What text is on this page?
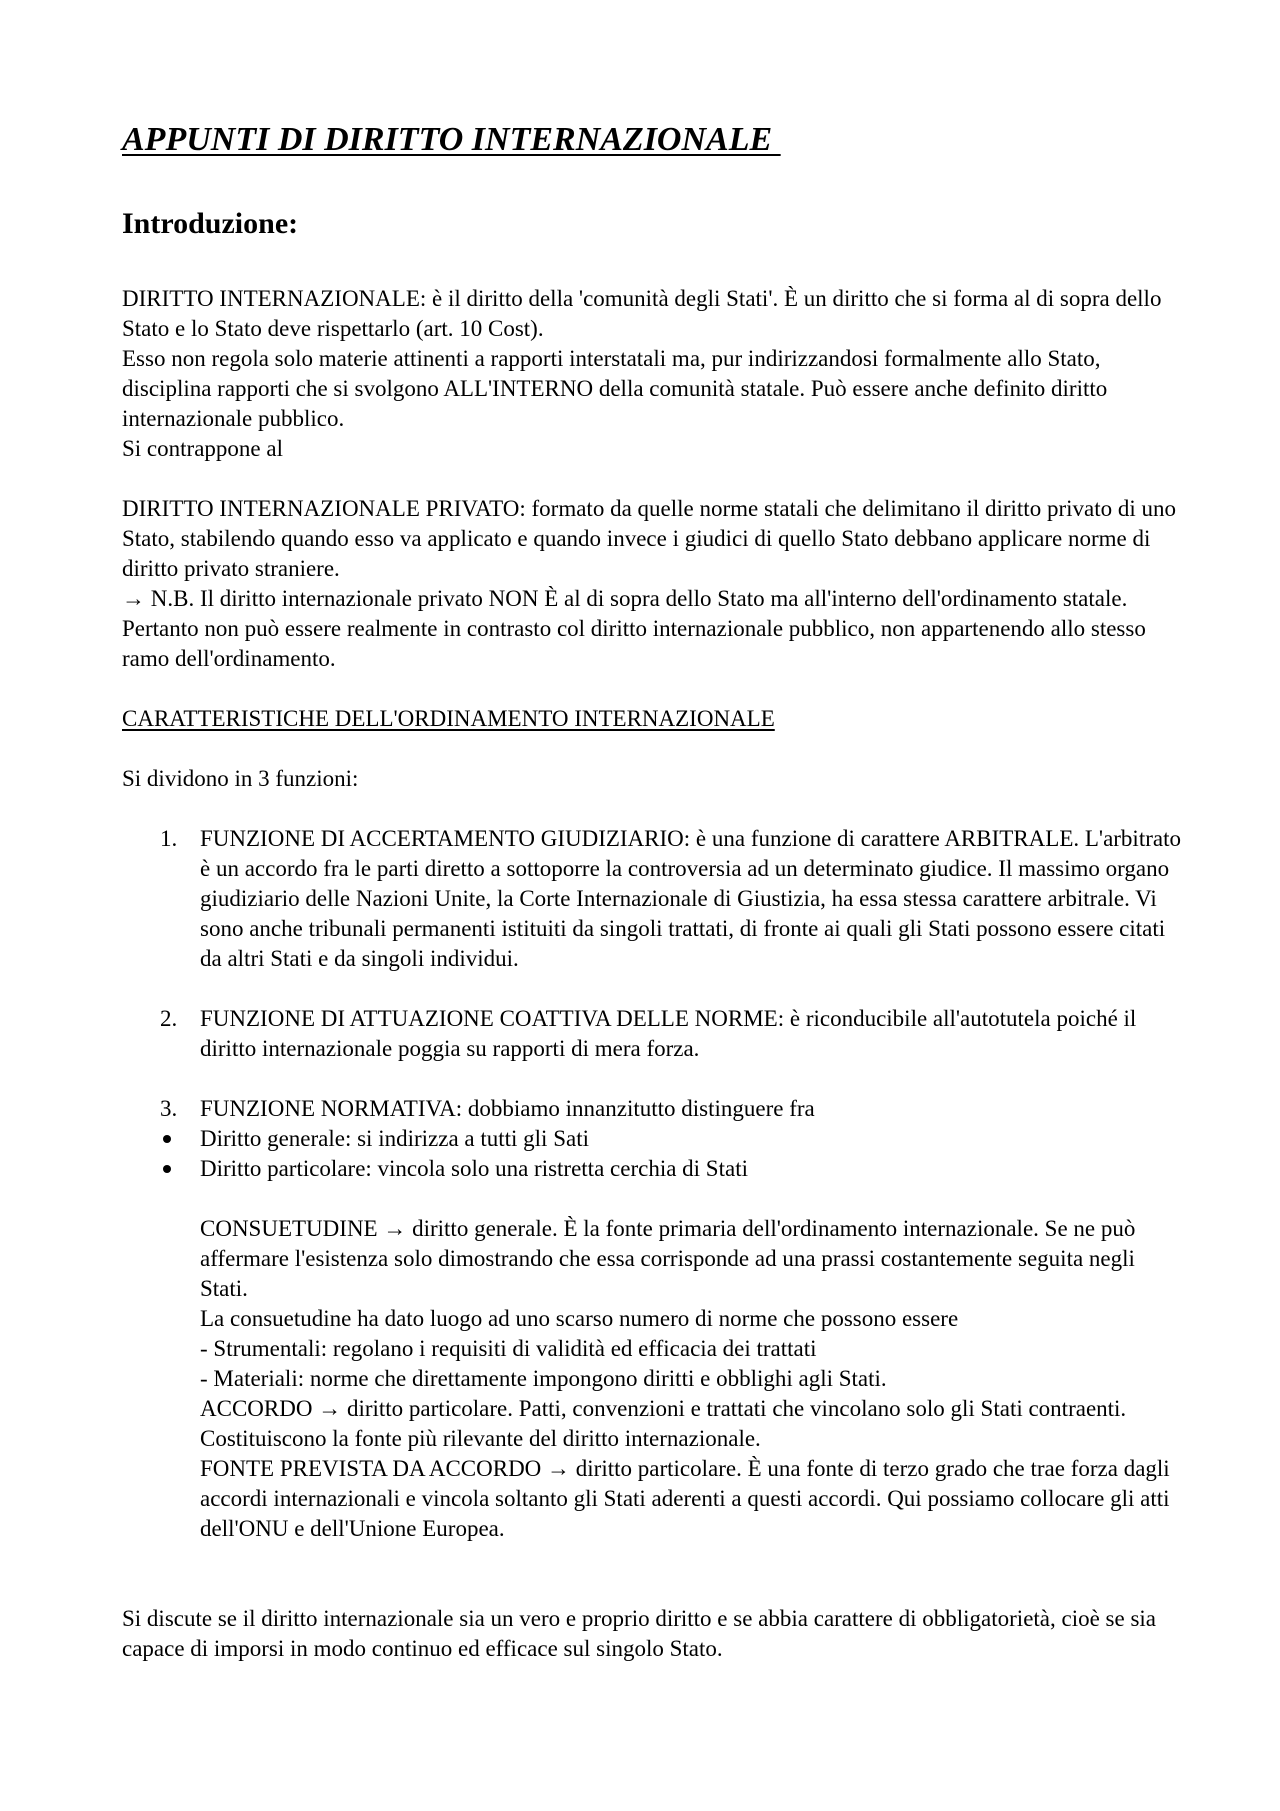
APPUNTI DI DIRITTO INTERNAZIONALE
Introduzione:

DIRITTO INTERNAZIONALE: è il diritto della 'comunità degli Stati'. È un diritto che si forma al di sopra dello Stato e lo Stato deve rispettarlo (art. 10 Cost).

Esso non regola solo materie attinenti a rapporti interstatali ma, pur indirizzandosi formalmente allo Stato, disciplina rapporti che si svolgono ALL'INTERNO della comunità statale. Può essere anche definito diritto internazionale pubblico.

Si contrappone al

DIRITTO INTERNAZIONALE PRIVATO: formato da quelle norme statali che delimitano il diritto privato di uno Stato, stabilendo quando esso va applicato e quando invece i giudici di quello Stato debbano applicare norme di diritto privato straniere.

→ N.B. Il diritto internazionale privato NON È al di sopra dello Stato ma all'interno dell'ordinamento statale. Pertanto non può essere realmente in contrasto col diritto internazionale pubblico, non appartenendo allo stesso ramo dell'ordinamento.

CARATTERISTICHE DELL'ORDINAMENTO INTERNAZIONALE

Si dividono in 3 funzioni:

1. FUNZIONE DI ACCERTAMENTO GIUDIZIARIO: è una funzione di carattere ARBITRALE. L'arbitrato è un accordo fra le parti diretto a sottoporre la controversia ad un determinato giudice. Il massimo organo giudiziario delle Nazioni Unite, la Corte Internazionale di Giustizia, ha essa stessa carattere arbitrale. Vi sono anche tribunali permanenti istituiti da singoli trattati, di fronte ai quali gli Stati possono essere citati da altri Stati e da singoli individui.
2. FUNZIONE DI ATTUAZIONE COATTIVA DELLE NORME: è riconducibile all'autotutela poiché il diritto internazionale poggia su rapporti di mera forza.
3. FUNZIONE NORMATIVA: dobbiamo innanzitutto distinguere fra
Diritto generale: si indirizza a tutti gli Sati
Diritto particolare: vincola solo una ristretta cerchia di Stati

CONSUETUDINE → diritto generale. È la fonte primaria dell'ordinamento internazionale. Se ne può affermare l'esistenza solo dimostrando che essa corrisponde ad una prassi costantemente seguita negli Stati.

La consuetudine ha dato luogo ad uno scarso numero di norme che possono essere

- Strumentali: regolano i requisiti di validità ed efficacia dei trattati

- Materiali: norme che direttamente impongono diritti e obblighi agli Stati.

ACCORDO → diritto particolare. Patti, convenzioni e trattati che vincolano solo gli Stati contraenti. Costituiscono la fonte più rilevante del diritto internazionale.

FONTE PREVISTA DA ACCORDO → diritto particolare. È una fonte di terzo grado che trae forza dagli accordi internazionali e vincola soltanto gli Stati aderenti a questi accordi. Qui possiamo collocare gli atti dell'ONU e dell'Unione Europea.

Si discute se il diritto internazionale sia un vero e proprio diritto e se abbia carattere di obbligatorietà, cioè se sia capace di imporsi in modo continuo ed efficace sul singolo Stato.
